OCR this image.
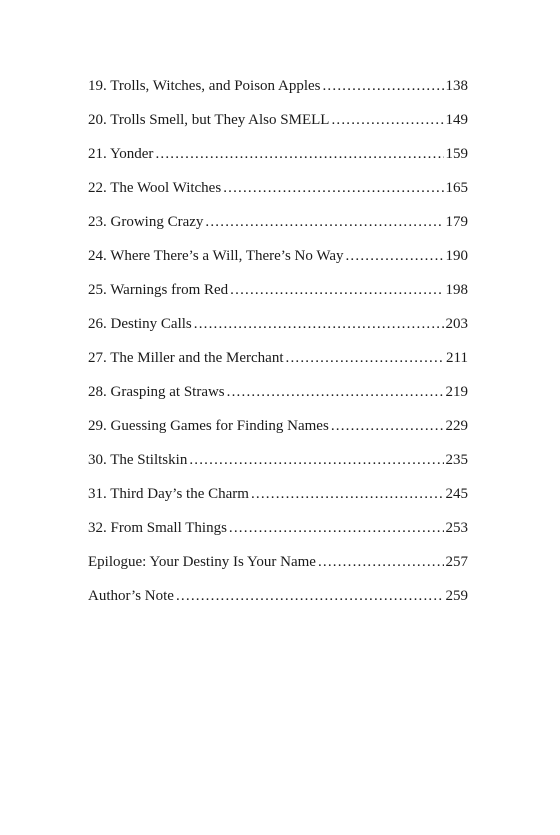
19. Trolls, Witches, and Poison Apples .....	138
20. Trolls Smell, but They Also SMELL .....	149
21. Yonder .....	159
22. The Wool Witches .....	165
23. Growing Crazy .....	179
24. Where There’s a Will, There’s No Way .....	190
25. Warnings from Red .....	198
26. Destiny Calls .....	203
27. The Miller and the Merchant .....	211
28. Grasping at Straws .....	219
29. Guessing Games for Finding Names .....	229
30. The Stiltskin .....	235
31. Third Day’s the Charm .....	245
32. From Small Things .....	253
Epilogue: Your Destiny Is Your Name .....	257
Author’s Note .....	259
